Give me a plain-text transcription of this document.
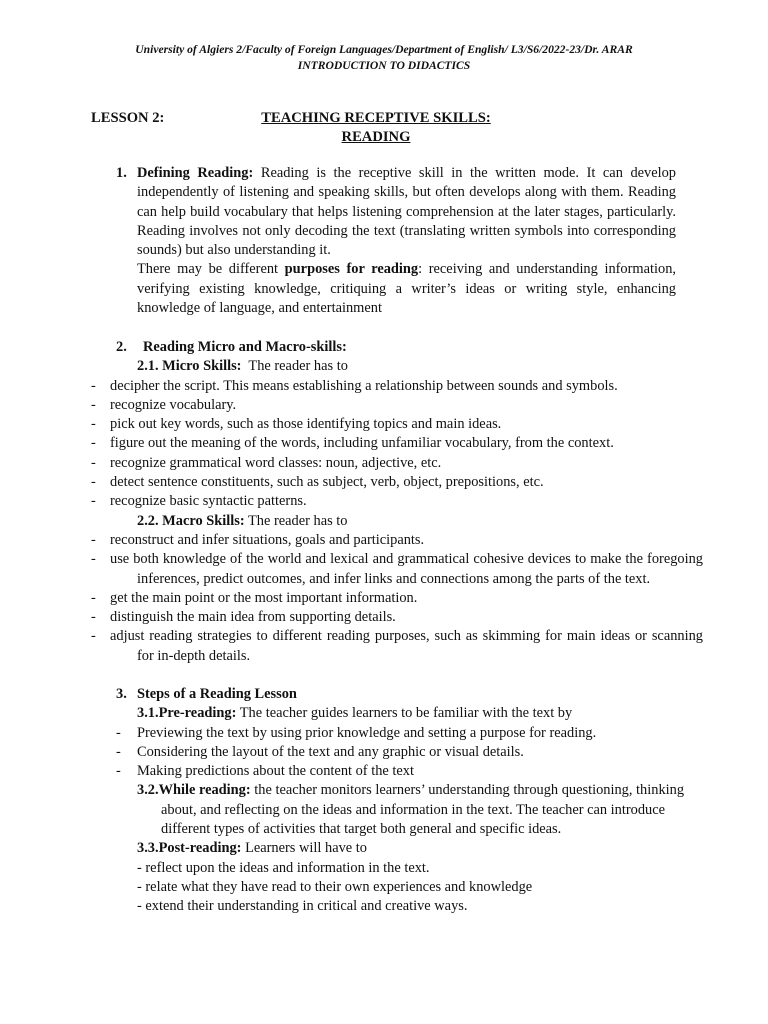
University of Algiers 2/Faculty of Foreign Languages/Department of English/ L3/S6/2022-23/Dr. ARAR
INTRODUCTION TO DIDACTICS
LESSON 2:	TEACHING RECEPTIVE SKILLS:
READING
1. Defining Reading: Reading is the receptive skill in the written mode. It can develop independently of listening and speaking skills, but often develops along with them. Reading can help build vocabulary that helps listening comprehension at the later stages, particularly. Reading involves not only decoding the text (translating written symbols into corresponding sounds) but also understanding it.
There may be different purposes for reading: receiving and understanding information, verifying existing knowledge, critiquing a writer’s ideas or writing style, enhancing knowledge of language, and entertainment
2. Reading Micro and Macro-skills:
2.1. Micro Skills: The reader has to
- decipher the script. This means establishing a relationship between sounds and symbols.
- recognize vocabulary.
- pick out key words, such as those identifying topics and main ideas.
- figure out the meaning of the words, including unfamiliar vocabulary, from the context.
- recognize grammatical word classes: noun, adjective, etc.
- detect sentence constituents, such as subject, verb, object, prepositions, etc.
- recognize basic syntactic patterns.
2.2. Macro Skills: The reader has to
- reconstruct and infer situations, goals and participants.
- use both knowledge of the world and lexical and grammatical cohesive devices to make the foregoing inferences, predict outcomes, and infer links and connections among the parts of the text.
- get the main point or the most important information.
- distinguish the main idea from supporting details.
- adjust reading strategies to different reading purposes, such as skimming for main ideas or scanning for in-depth details.
3. Steps of a Reading Lesson
3.1.Pre-reading: The teacher guides learners to be familiar with the text by
- Previewing the text by using prior knowledge and setting a purpose for reading.
- Considering the layout of the text and any graphic or visual details.
- Making predictions about the content of the text
3.2.While reading: the teacher monitors learners’ understanding through questioning, thinking about, and reflecting on the ideas and information in the text. The teacher can introduce different types of activities that target both general and specific ideas.
3.3.Post-reading: Learners will have to
- reflect upon the ideas and information in the text.
- relate what they have read to their own experiences and knowledge
- extend their understanding in critical and creative ways.
